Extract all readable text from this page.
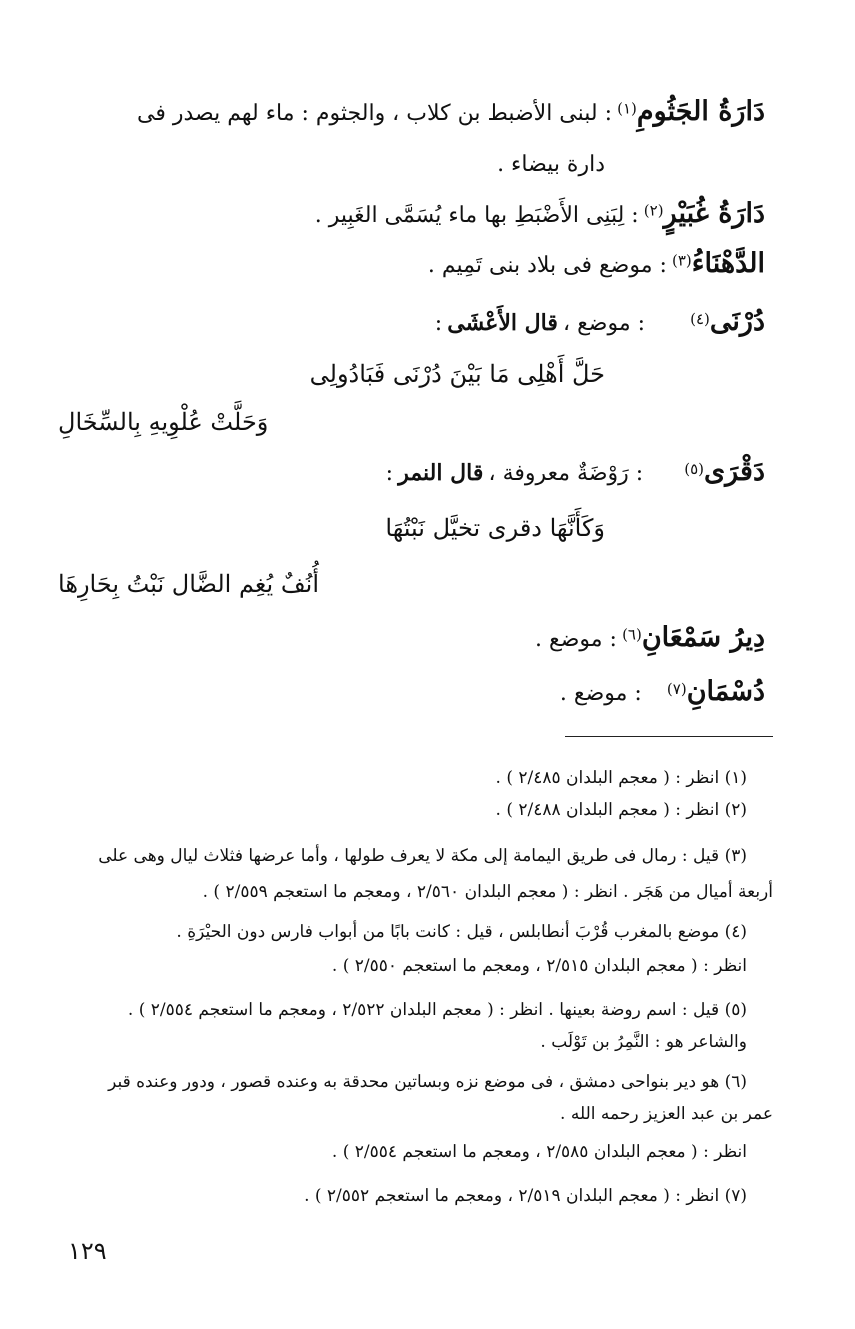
دَارَةُ الجَثُومِ(١) : لبنى الأضبط بن كلاب ، والجثوم : ماء لهم يصدر فى
دارة بيضاء .
دَارَةُ غُبَيْرٍ(٢) : لِبَنِى الأَضْبَطِ بها ماء يُسَمَّى الغَبِير .
الدَّهْنَاءُ(٣) : موضع فى بلاد بنى تَمِيم .
دُرْنَى(٤) : موضع ، قال الأَعْشَى :
حَلَّ أَهْلِى مَا بَيْنَ دُرْنَى فَبَادُولِى
وَحَلَّتْ عُلْوِيهِ بِالسِّخَالِ
دَقْرَى(٥) : رَوْضَةٌ معروفة ، قال النمر :
وَكَأَنَّهَا دقرى تخيَّل نَبْتُهَا
أُنُفٌ يُغِم الضَّال نَبْتُ بِحَارِهَا
دِيرُ سَمْعَانِ(٦) : موضع .
دُسْمَانِ(٧) : موضع .
(١) انظر : ( معجم البلدان ٢/٤٨٥ ) .
(٢) انظر : ( معجم البلدان ٢/٤٨٨ ) .
(٣) قيل : رمال فى طريق اليمامة إلى مكة لا يعرف طولها ، وأما عرضها فثلاث ليال وهى على
أربعة أميال من هَجَر . انظر : ( معجم البلدان ٢/٥٦٠ ، ومعجم ما استعجم ٢/٥٥٩ ) .
(٤) موضع بالمغرب قُرْبَ أنطابلس ، قيل : كانت بابًا من أبواب فارس دون الحيْرَةِ .
انظر : ( معجم البلدان ٢/٥١٥ ، ومعجم ما استعجم ٢/٥٥٠ ) .
(٥) قيل : اسم روضة بعينها . انظر : ( معجم البلدان ٢/٥٢٢ ، ومعجم ما استعجم ٢/٥٥٤ ) .
والشاعر هو : النَّمِرُ بن تَوْلَب .
(٦) هو دير بنواحى دمشق ، فى موضع نزه وبساتين محدقة به وعنده قصور ، ودور وعنده قبر
عمر بن عبد العزيز رحمه الله .
انظر : ( معجم البلدان ٢/٥٨٥ ، ومعجم ما استعجم ٢/٥٥٤ ) .
(٧) انظر : ( معجم البلدان ٢/٥١٩ ، ومعجم ما استعجم ٢/٥٥٢ ) .
١٢٩
